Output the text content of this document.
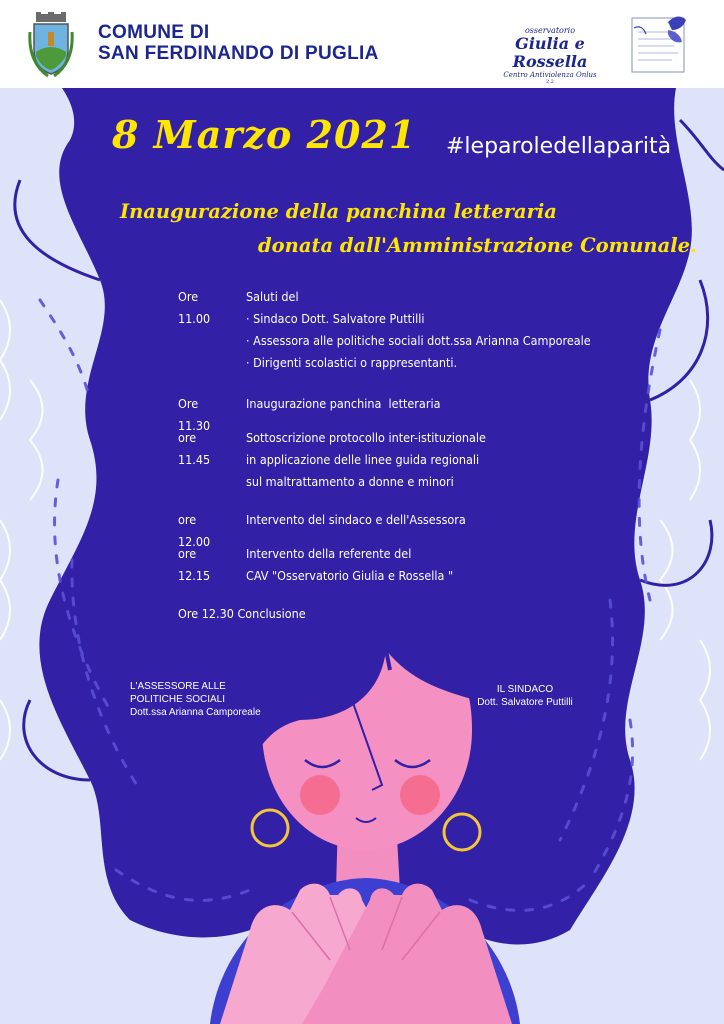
COMUNE DI
SAN FERDINANDO DI PUGLIA
osservatorio
Giulia e Rossella
Centro Antiviolenza Onlus
2.2
8 Marzo 2021 #leparoledellaparità
Inaugurazione della panchina letteraria
donata dall'Amministrazione Comunale.
Ore 11.00
Saluti del
· Sindaco Dott. Salvatore Puttilli
· Assessora alle politiche sociali dott.ssa Arianna Camporeale
· Dirigenti scolastici o rappresentanti.
Ore 11.30
Inaugurazione panchina  letteraria
ore 11.45
Sottoscrizione protocollo inter-istituzionale
in applicazione delle linee guida regionali
sul maltrattamento a donne e minori
ore 12.00
Intervento del sindaco e dell'Assessora
ore 12.15
Intervento della referente del
CAV "Osservatorio Giulia e Rossella "
Ore 12.30 Conclusione
L'ASSESSORE ALLE
POLITICHE SOCIALI
Dott.ssa Arianna Camporeale
IL SINDACO
Dott. Salvatore Puttilli
